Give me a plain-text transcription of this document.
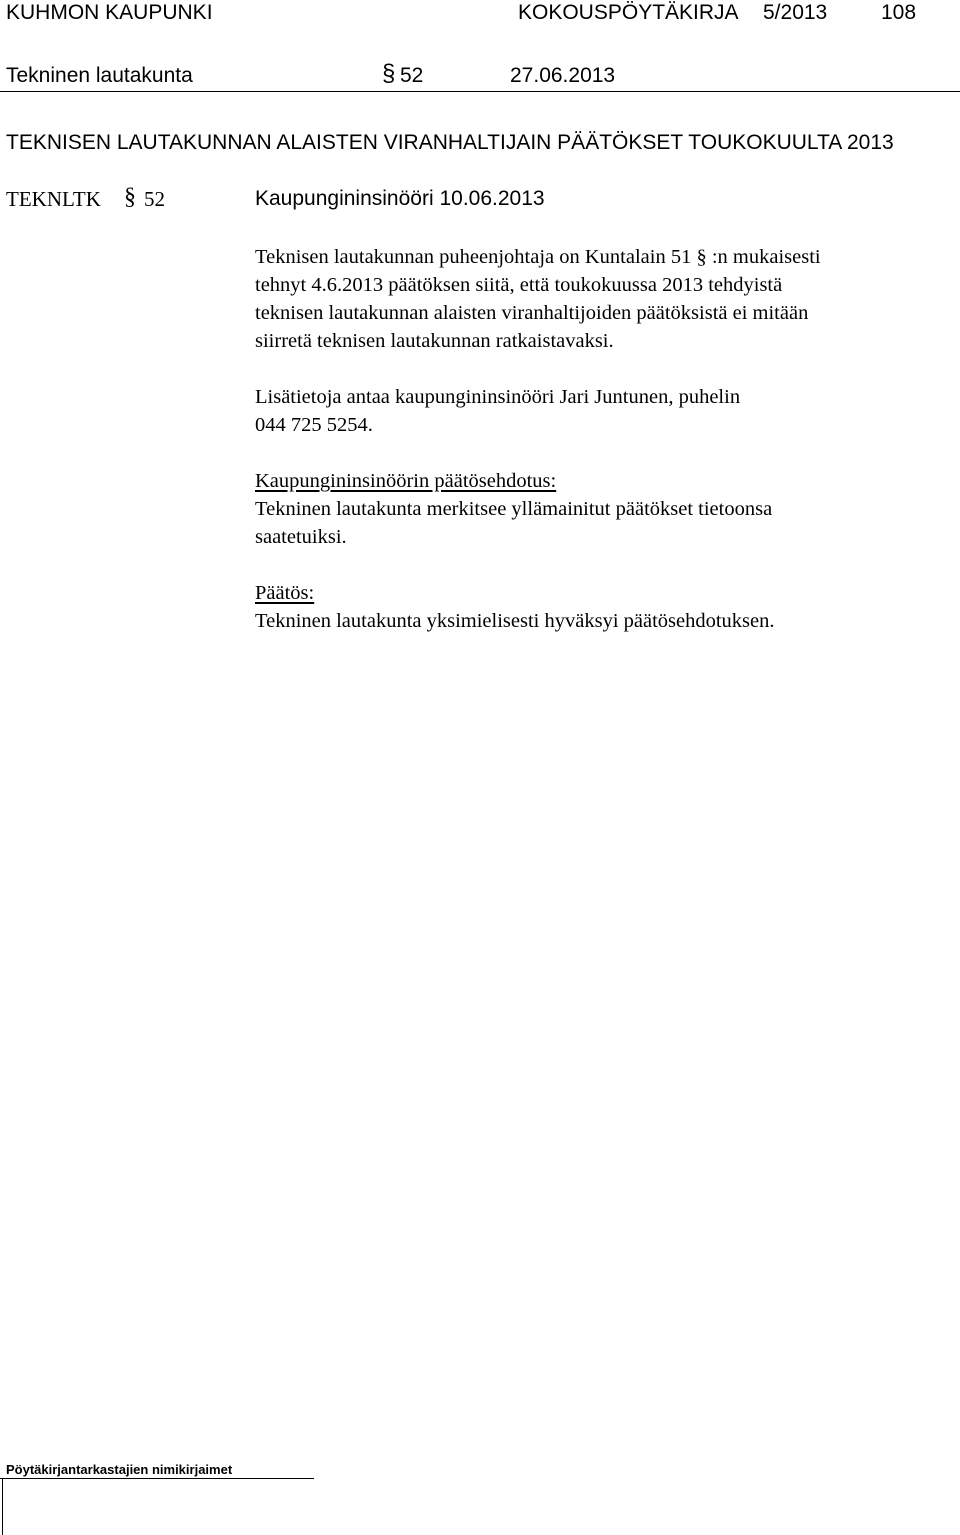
KUHMON KAUPUNKI	KOKOUSPÖYTÄKIRJA 5/2013	108
Tekninen lautakunta	§ 52	27.06.2013
TEKNISEN LAUTAKUNNAN ALAISTEN VIRANHALTIJAIN PÄÄTÖKSET TOUKOKUULTA 2013
TEKNLTK § 52	Kaupungininsinööri 10.06.2013
Teknisen lautakunnan puheenjohtaja on Kuntalain 51 § :n mukaisesti
tehnyt 4.6.2013 päätöksen siitä, että toukokuussa 2013 tehdyistä
teknisen lautakunnan alaisten viranhaltijoiden päätöksistä ei mitään
siirretä teknisen lautakunnan ratkaistavaksi.
Lisätietoja antaa kaupungininsinööri Jari Juntunen, puhelin
044 725 5254.
Kaupungininsinöörin päätösehdotus:
Tekninen lautakunta merkitsee yllämainitut päätökset tietoonsa
saatetuiksi.
Päätös:
Tekninen lautakunta yksimielisesti hyväksyi päätösehdotuksen.
Pöytäkirjantarkastajien nimikirjaimet
